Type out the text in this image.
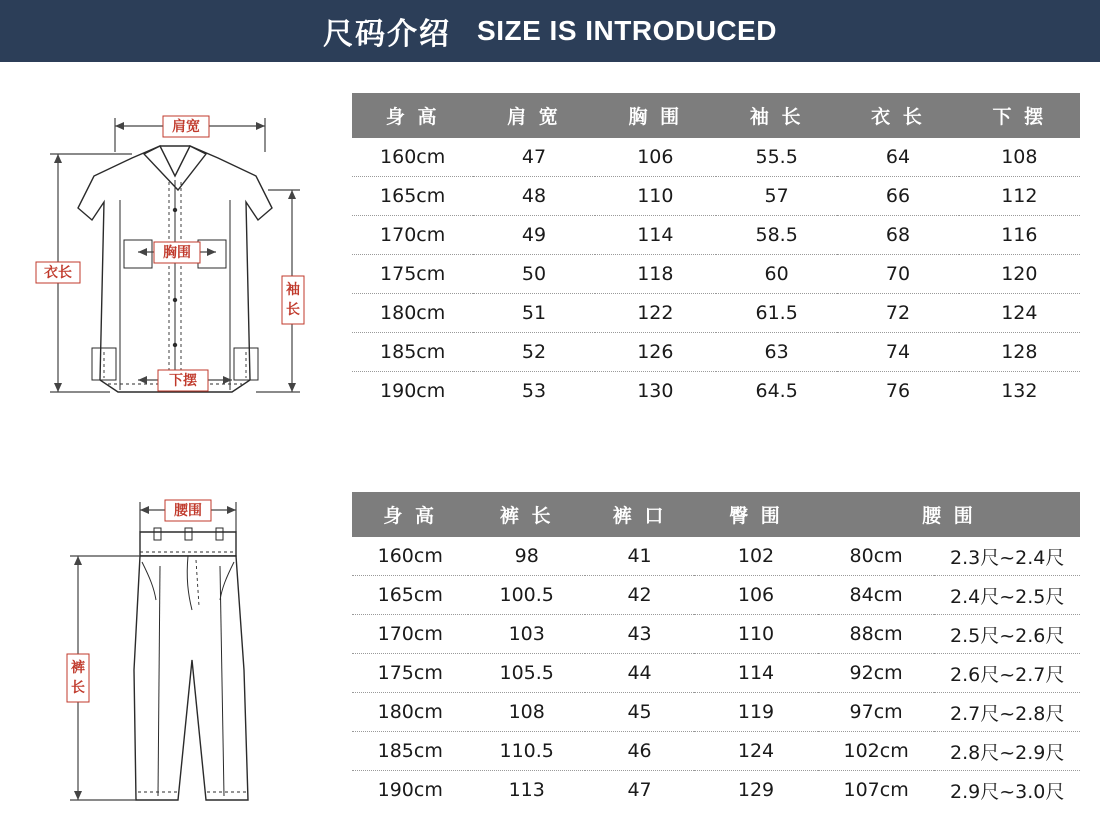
尺码介绍 SIZE IS INTRODUCED
肩宽
胸围
下摆
衣长
袖
长
身 高	肩 宽	胸 围	袖 长	衣 长	下 摆
160cm	47	106	55.5	64	108
165cm	48	110	57	66	112
170cm	49	114	58.5	68	116
175cm	50	118	60	70	120
180cm	51	122	61.5	72	124
185cm	52	126	63	74	128
190cm	53	130	64.5	76	132
腰围
裤
长
身 高	裤 长	裤 口	臀 围	腰 围	
160cm	98	41	102	80cm	2.3尺~2.4尺
165cm	100.5	42	106	84cm	2.4尺~2.5尺
170cm	103	43	110	88cm	2.5尺~2.6尺
175cm	105.5	44	114	92cm	2.6尺~2.7尺
180cm	108	45	119	97cm	2.7尺~2.8尺
185cm	110.5	46	124	102cm	2.8尺~2.9尺
190cm	113	47	129	107cm	2.9尺~3.0尺
